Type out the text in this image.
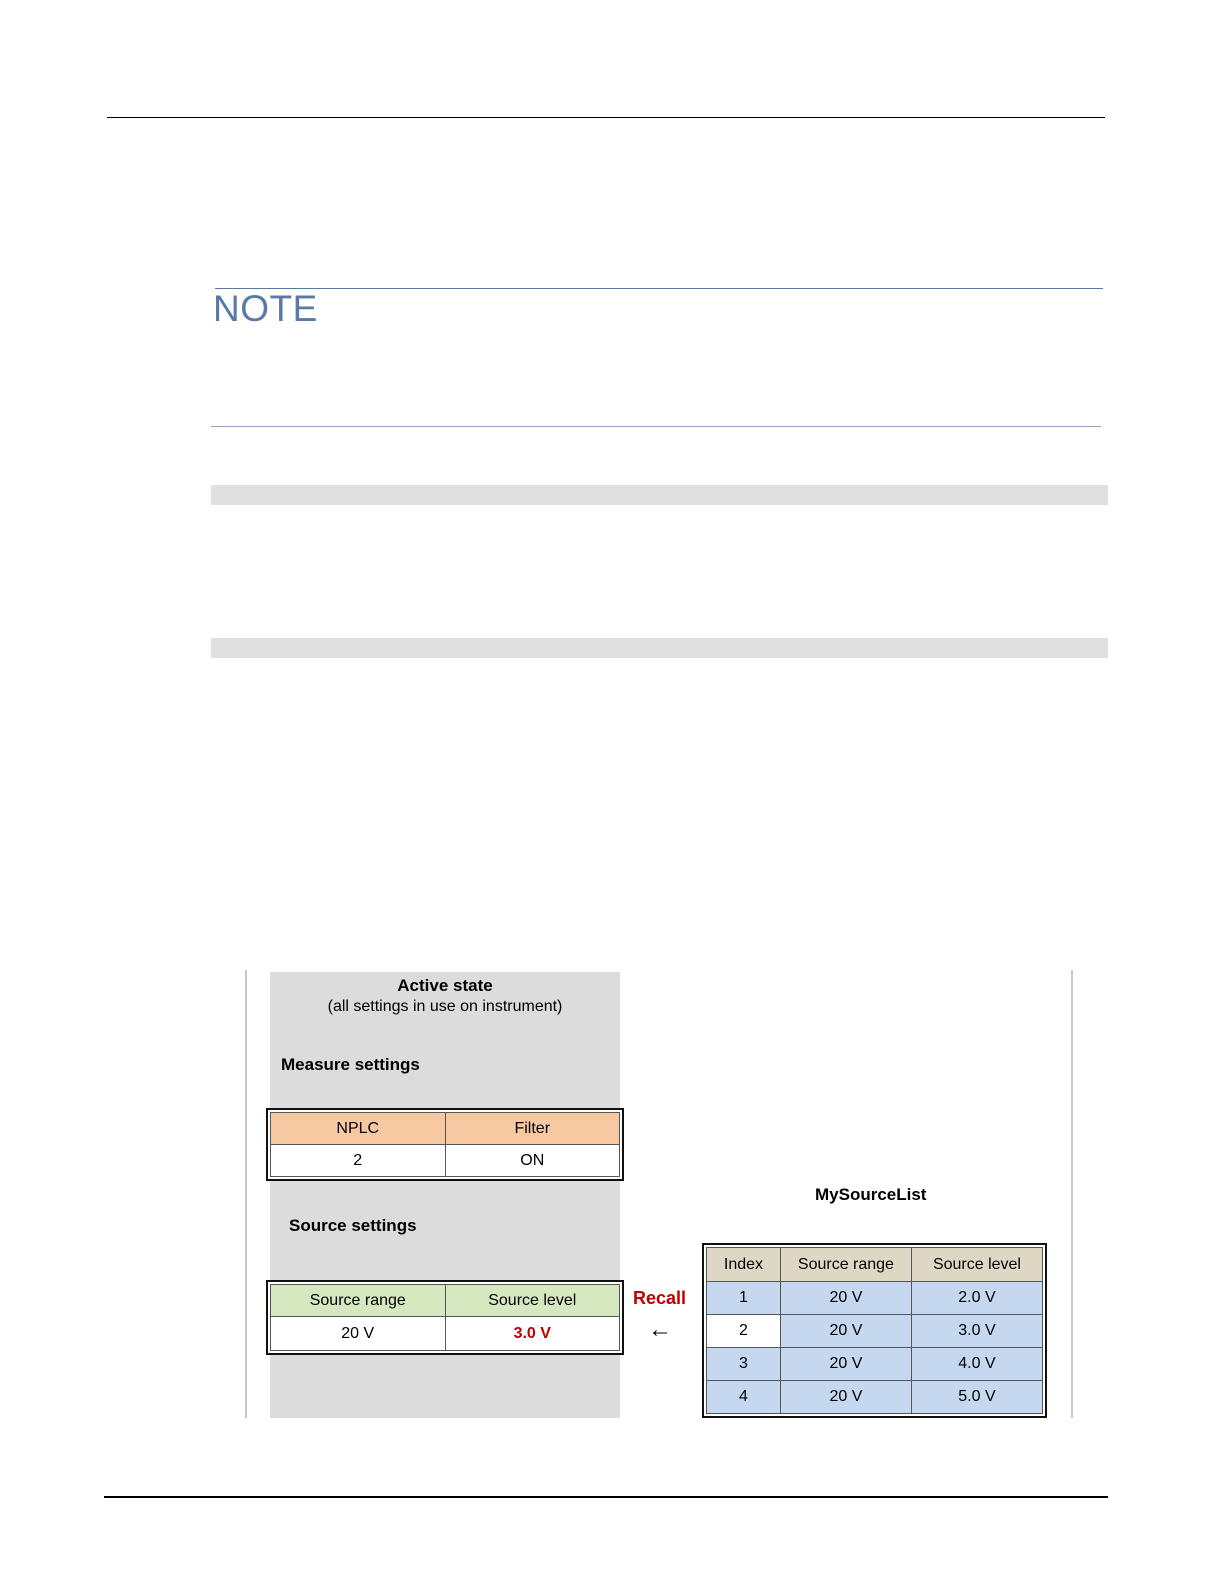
NOTE
Active state
(all settings in use on instrument)
Measure settings
NPLC	Filter
2	ON
Source settings
Source range	Source level
20 V	3.0 V
Recall
←
MySourceList
Index	Source range	Source level
1	20 V	2.0 V
2	20 V	3.0 V
3	20 V	4.0 V
4	20 V	5.0 V
